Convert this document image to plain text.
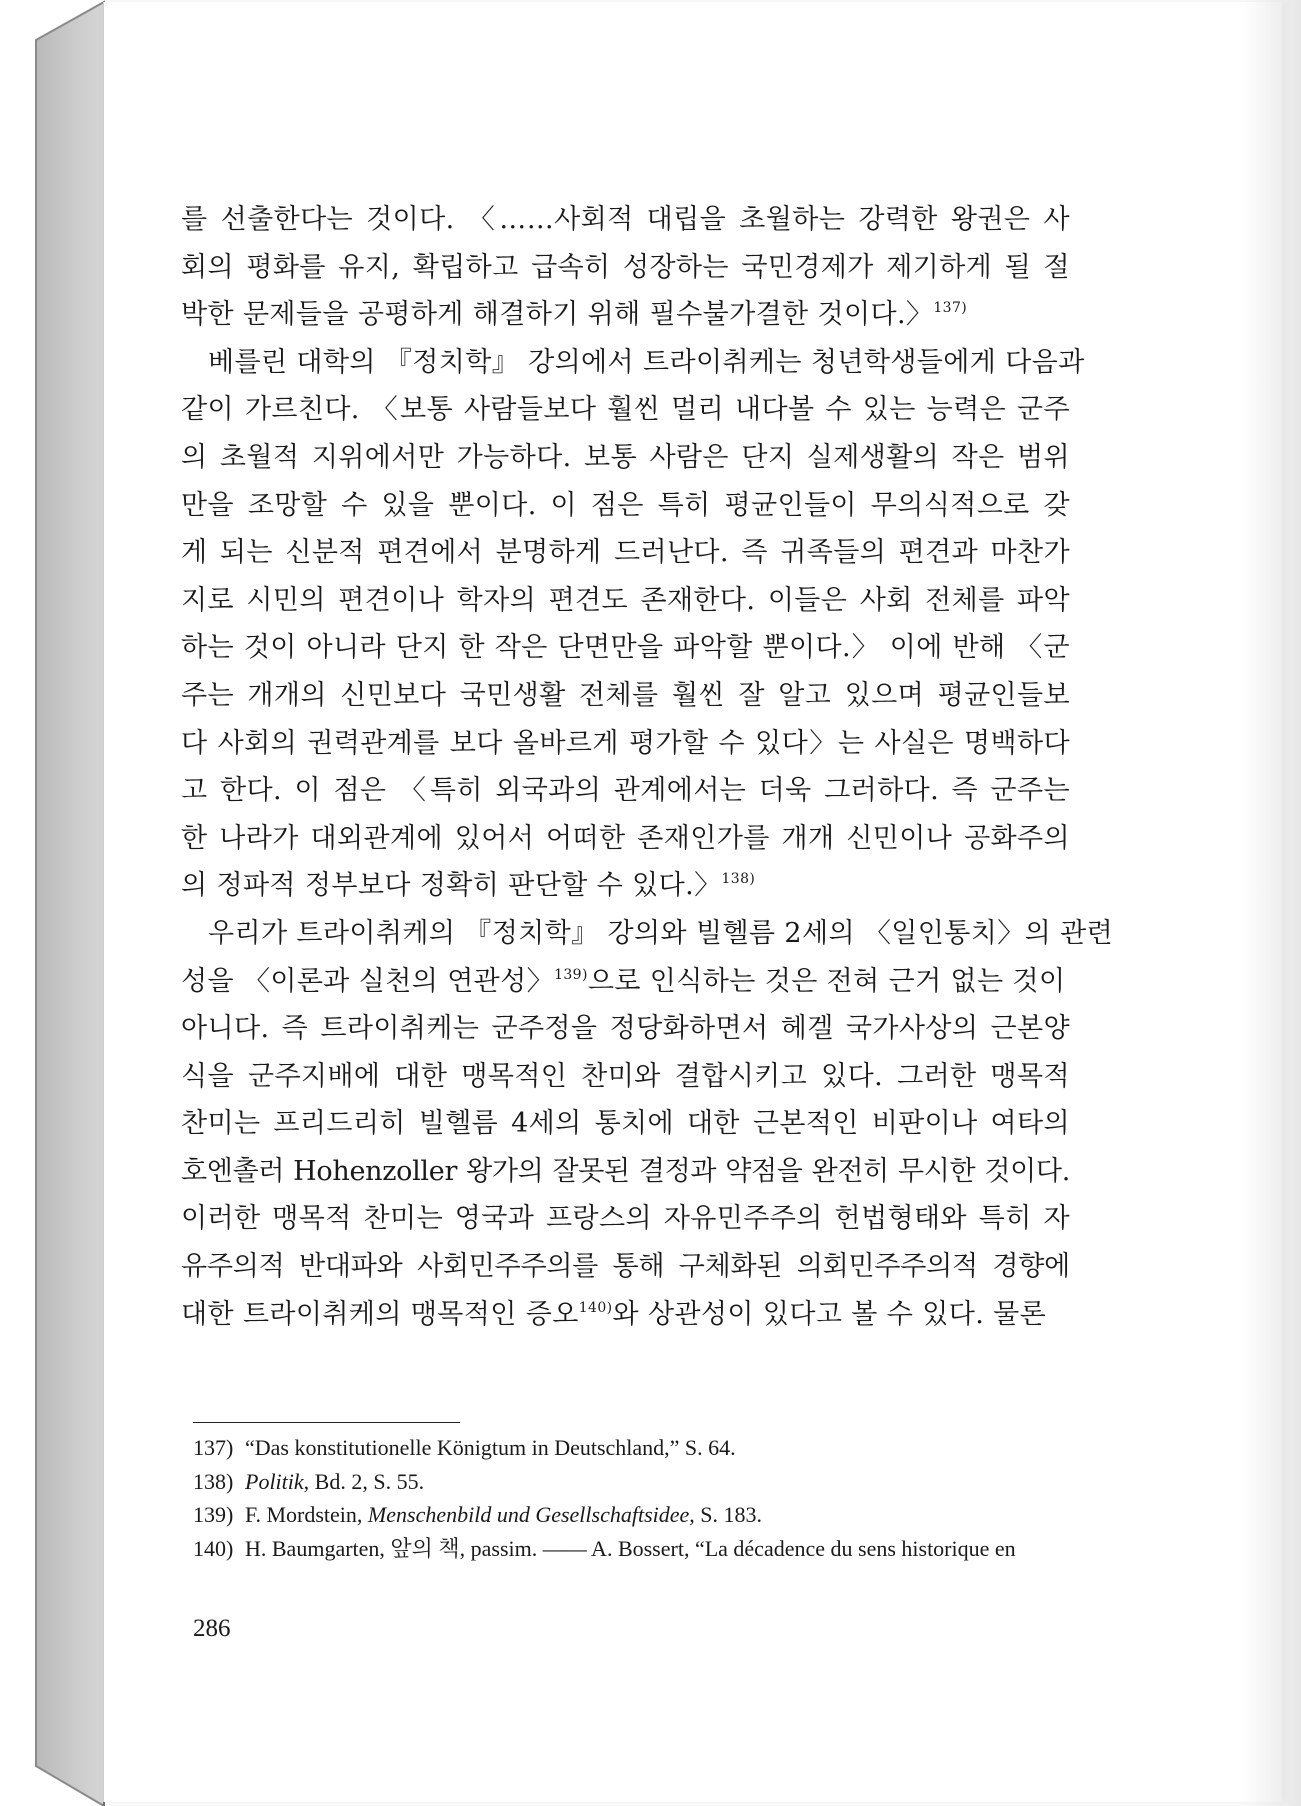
를 선출한다는 것이다. 〈……사회적 대립을 초월하는 강력한 왕권은 사
회의 평화를 유지, 확립하고 급속히 성장하는 국민경제가 제기하게 될 절
박한 문제들을 공평하게 해결하기 위해 필수불가결한 것이다.〉$^{137)}$
베를린 대학의 『정치학』 강의에서 트라이취케는 청년학생들에게 다음과
같이 가르친다. 〈보통 사람들보다 훨씬 멀리 내다볼 수 있는 능력은 군주
의 초월적 지위에서만 가능하다. 보통 사람은 단지 실제생활의 작은 범위
만을 조망할 수 있을 뿐이다. 이 점은 특히 평균인들이 무의식적으로 갖
게 되는 신분적 편견에서 분명하게 드러난다. 즉 귀족들의 편견과 마찬가
지로 시민의 편견이나 학자의 편견도 존재한다. 이들은 사회 전체를 파악
하는 것이 아니라 단지 한 작은 단면만을 파악할 뿐이다.〉 이에 반해 〈군
주는 개개의 신민보다 국민생활 전체를 훨씬 잘 알고 있으며 평균인들보
다 사회의 권력관계를 보다 올바르게 평가할 수 있다〉는 사실은 명백하다
고 한다. 이 점은 〈특히 외국과의 관계에서는 더욱 그러하다. 즉 군주는
한 나라가 대외관계에 있어서 어떠한 존재인가를 개개 신민이나 공화주의
의 정파적 정부보다 정확히 판단할 수 있다.〉$^{138)}$
우리가 트라이취케의 『정치학』 강의와 빌헬름 2세의 〈일인통치〉의 관련
성을 〈이론과 실천의 연관성〉$^{139)}$으로 인식하는 것은 전혀 근거 없는 것이
아니다. 즉 트라이취케는 군주정을 정당화하면서 헤겔 국가사상의 근본양
식을 군주지배에 대한 맹목적인 찬미와 결합시키고 있다. 그러한 맹목적
찬미는 프리드리히 빌헬름 4세의 통치에 대한 근본적인 비판이나 여타의
호엔촐러 Hohenzoller 왕가의 잘못된 결정과 약점을 완전히 무시한 것이다.
이러한 맹목적 찬미는 영국과 프랑스의 자유민주주의 헌법형태와 특히 자
유주의적 반대파와 사회민주주의를 통해 구체화된 의회민주주의적 경향에
대한 트라이취케의 맹목적인 증오$^{140)}$와 상관성이 있다고 볼 수 있다. 물론
137) “Das konstitutionelle Königtum in Deutschland,” S. 64.
138) Politik, Bd. 2, S. 55.
139) F. Mordstein, Menschenbild und Gesellschaftsidee, S. 183.
140) H. Baumgarten, 앞의 책, passim. —— A. Bossert, “La décadence du sens historique en
286
